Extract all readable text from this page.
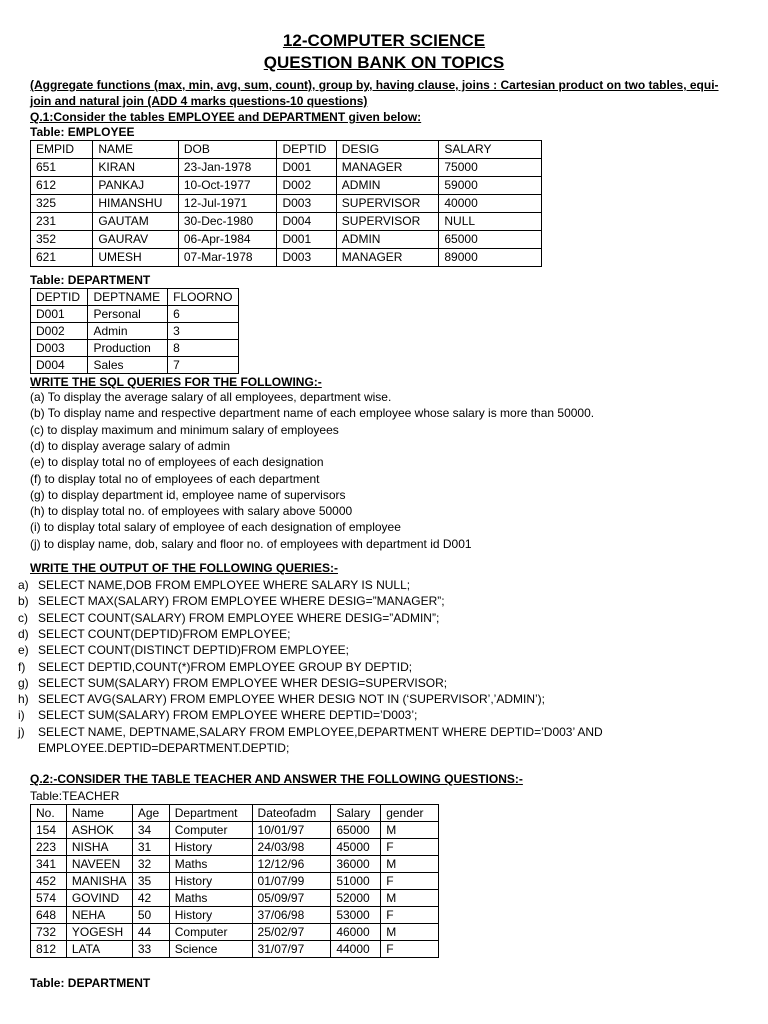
12-COMPUTER SCIENCE
QUESTION BANK ON TOPICS
(Aggregate functions (max, min, avg, sum, count), group by, having clause, joins : Cartesian product on two tables, equi-
join and natural join (ADD 4 marks questions-10 questions)
Q.1:Consider the tables EMPLOYEE and DEPARTMENT given below:
Table: EMPLOYEE
EMPID	NAME	DOB	DEPTID	DESIG	SALARY
651	KIRAN	23-Jan-1978	D001	MANAGER	75000
612	PANKAJ	10-Oct-1977	D002	ADMIN	59000
325	HIMANSHU	12-Jul-1971	D003	SUPERVISOR	40000
231	GAUTAM	30-Dec-1980	D004	SUPERVISOR	NULL
352	GAURAV	06-Apr-1984	D001	ADMIN	65000
621	UMESH	07-Mar-1978	D003	MANAGER	89000
Table: DEPARTMENT
DEPTID	DEPTNAME	FLOORNO
D001	Personal	6
D002	Admin	3
D003	Production	8
D004	Sales	7
WRITE THE SQL QUERIES FOR THE FOLLOWING:-
(a) To display the average salary of all employees, department wise.
(b) To display name and respective department name of each employee whose salary is more than 50000.
(c) to display maximum and minimum salary of employees
(d) to display average salary of admin
(e) to display total no of employees of each designation
(f) to display total no of employees of each department
(g) to display department id, employee name of supervisors
(h) to display total no. of employees with salary above 50000
(i) to display total salary of employee of each designation of employee
(j) to display name, dob, salary and floor no. of employees with department id D001
WRITE THE OUTPUT OF THE FOLLOWING QUERIES:-
a) SELECT NAME,DOB FROM EMPLOYEE WHERE SALARY IS NULL;
b) SELECT MAX(SALARY) FROM EMPLOYEE WHERE DESIG=”MANAGER”;
c) SELECT COUNT(SALARY) FROM EMPLOYEE WHERE DESIG=”ADMIN”;
d) SELECT COUNT(DEPTID)FROM EMPLOYEE;
e) SELECT COUNT(DISTINCT DEPTID)FROM EMPLOYEE;
f) SELECT DEPTID,COUNT(*)FROM EMPLOYEE GROUP BY DEPTID;
g) SELECT SUM(SALARY) FROM EMPLOYEE WHER DESIG=SUPERVISOR;
h) SELECT AVG(SALARY) FROM EMPLOYEE WHER DESIG NOT IN (‘SUPERVISOR’,’ADMIN’);
i) SELECT SUM(SALARY) FROM EMPLOYEE WHERE DEPTID=’D003’;
j) SELECT NAME, DEPTNAME,SALARY FROM EMPLOYEE,DEPARTMENT WHERE DEPTID=’D003’ AND
EMPLOYEE.DEPTID=DEPARTMENT.DEPTID;
Q.2:-CONSIDER THE TABLE TEACHER AND ANSWER THE FOLLOWING QUESTIONS:-
Table:TEACHER
No.	Name	Age	Department	Dateofadm	Salary	gender
154	ASHOK	34	Computer	10/01/97	65000	M
223	NISHA	31	History	24/03/98	45000	F
341	NAVEEN	32	Maths	12/12/96	36000	M
452	MANISHA	35	History	01/07/99	51000	F
574	GOVIND	42	Maths	05/09/97	52000	M
648	NEHA	50	History	37/06/98	53000	F
732	YOGESH	44	Computer	25/02/97	46000	M
812	LATA	33	Science	31/07/97	44000	F
Table: DEPARTMENT
